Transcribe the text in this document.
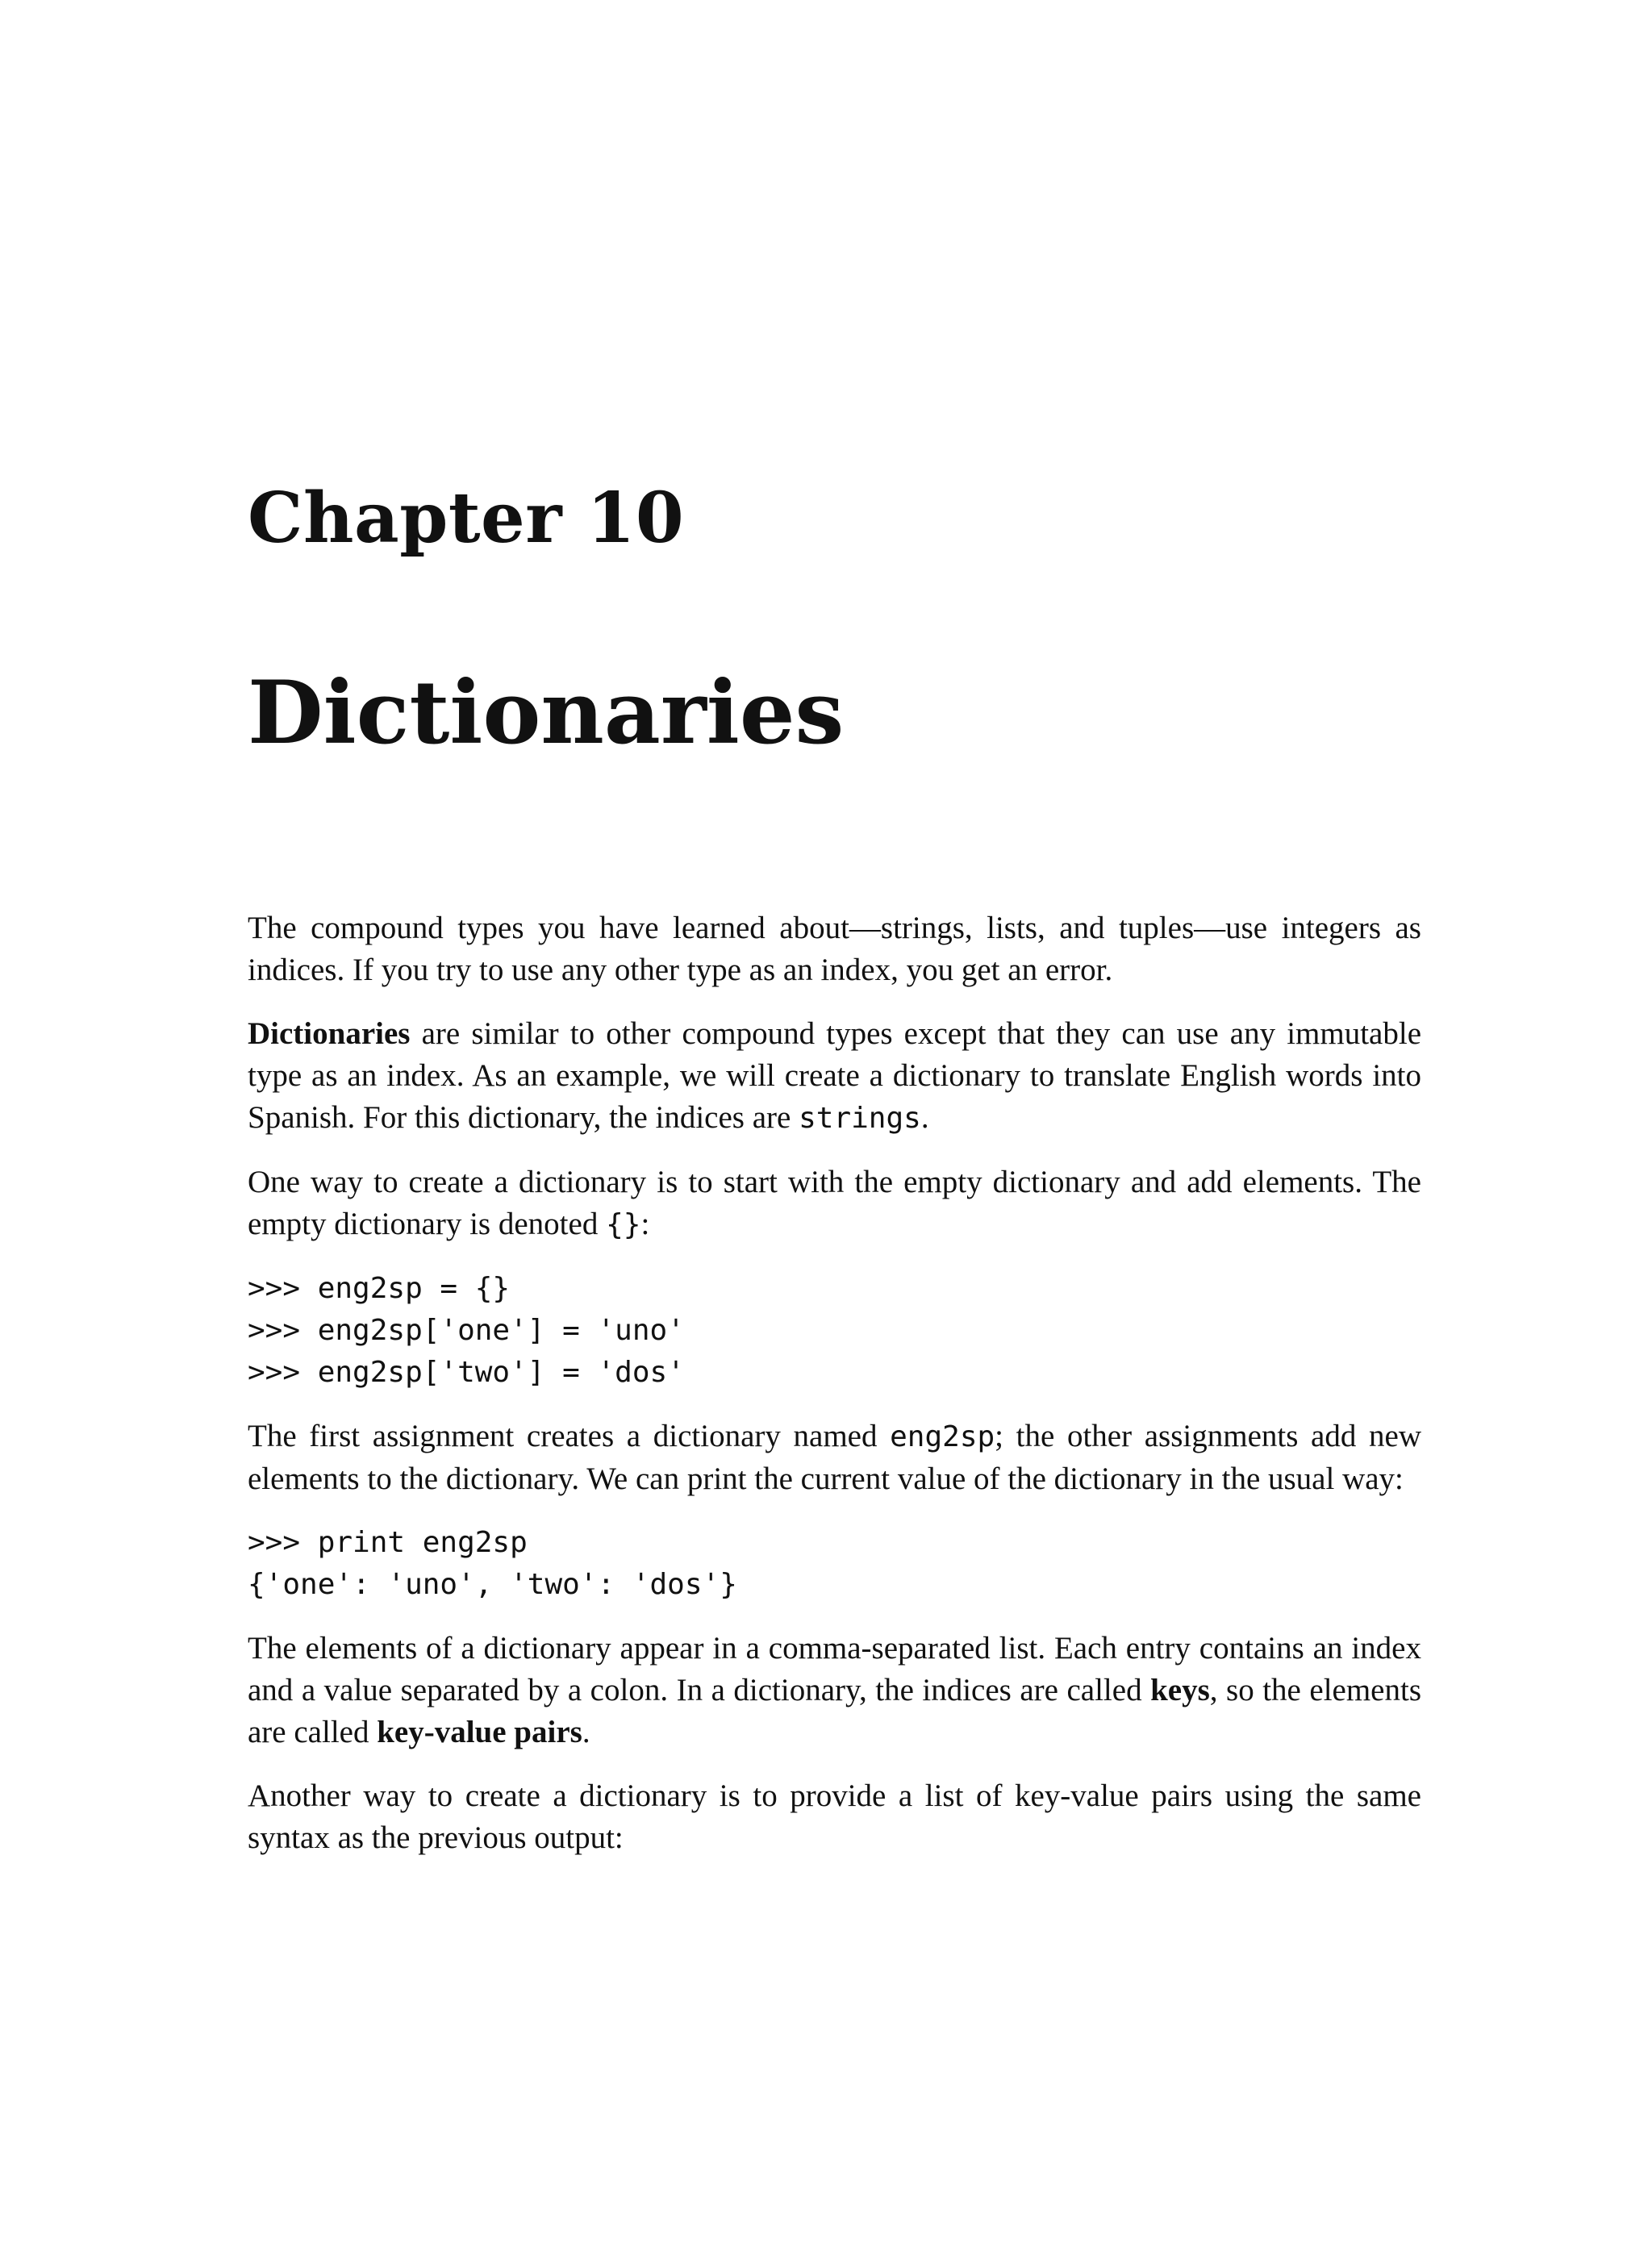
Chapter 10
Dictionaries

The compound types you have learned about—strings, lists, and tuples—use integers as indices. If you try to use any other type as an index, you get an error.

Dictionaries are similar to other compound types except that they can use any immutable type as an index. As an example, we will create a dictionary to translate English words into Spanish. For this dictionary, the indices are strings.

One way to create a dictionary is to start with the empty dictionary and add elements. The empty dictionary is denoted {}:

>>> eng2sp = {}
>>> eng2sp['one'] = 'uno'
>>> eng2sp['two'] = 'dos'

The first assignment creates a dictionary named eng2sp; the other assignments add new elements to the dictionary. We can print the current value of the dictionary in the usual way:

>>> print eng2sp
{'one': 'uno', 'two': 'dos'}

The elements of a dictionary appear in a comma-separated list. Each entry contains an index and a value separated by a colon. In a dictionary, the indices are called keys, so the elements are called key-value pairs.

Another way to create a dictionary is to provide a list of key-value pairs using the same syntax as the previous output:
